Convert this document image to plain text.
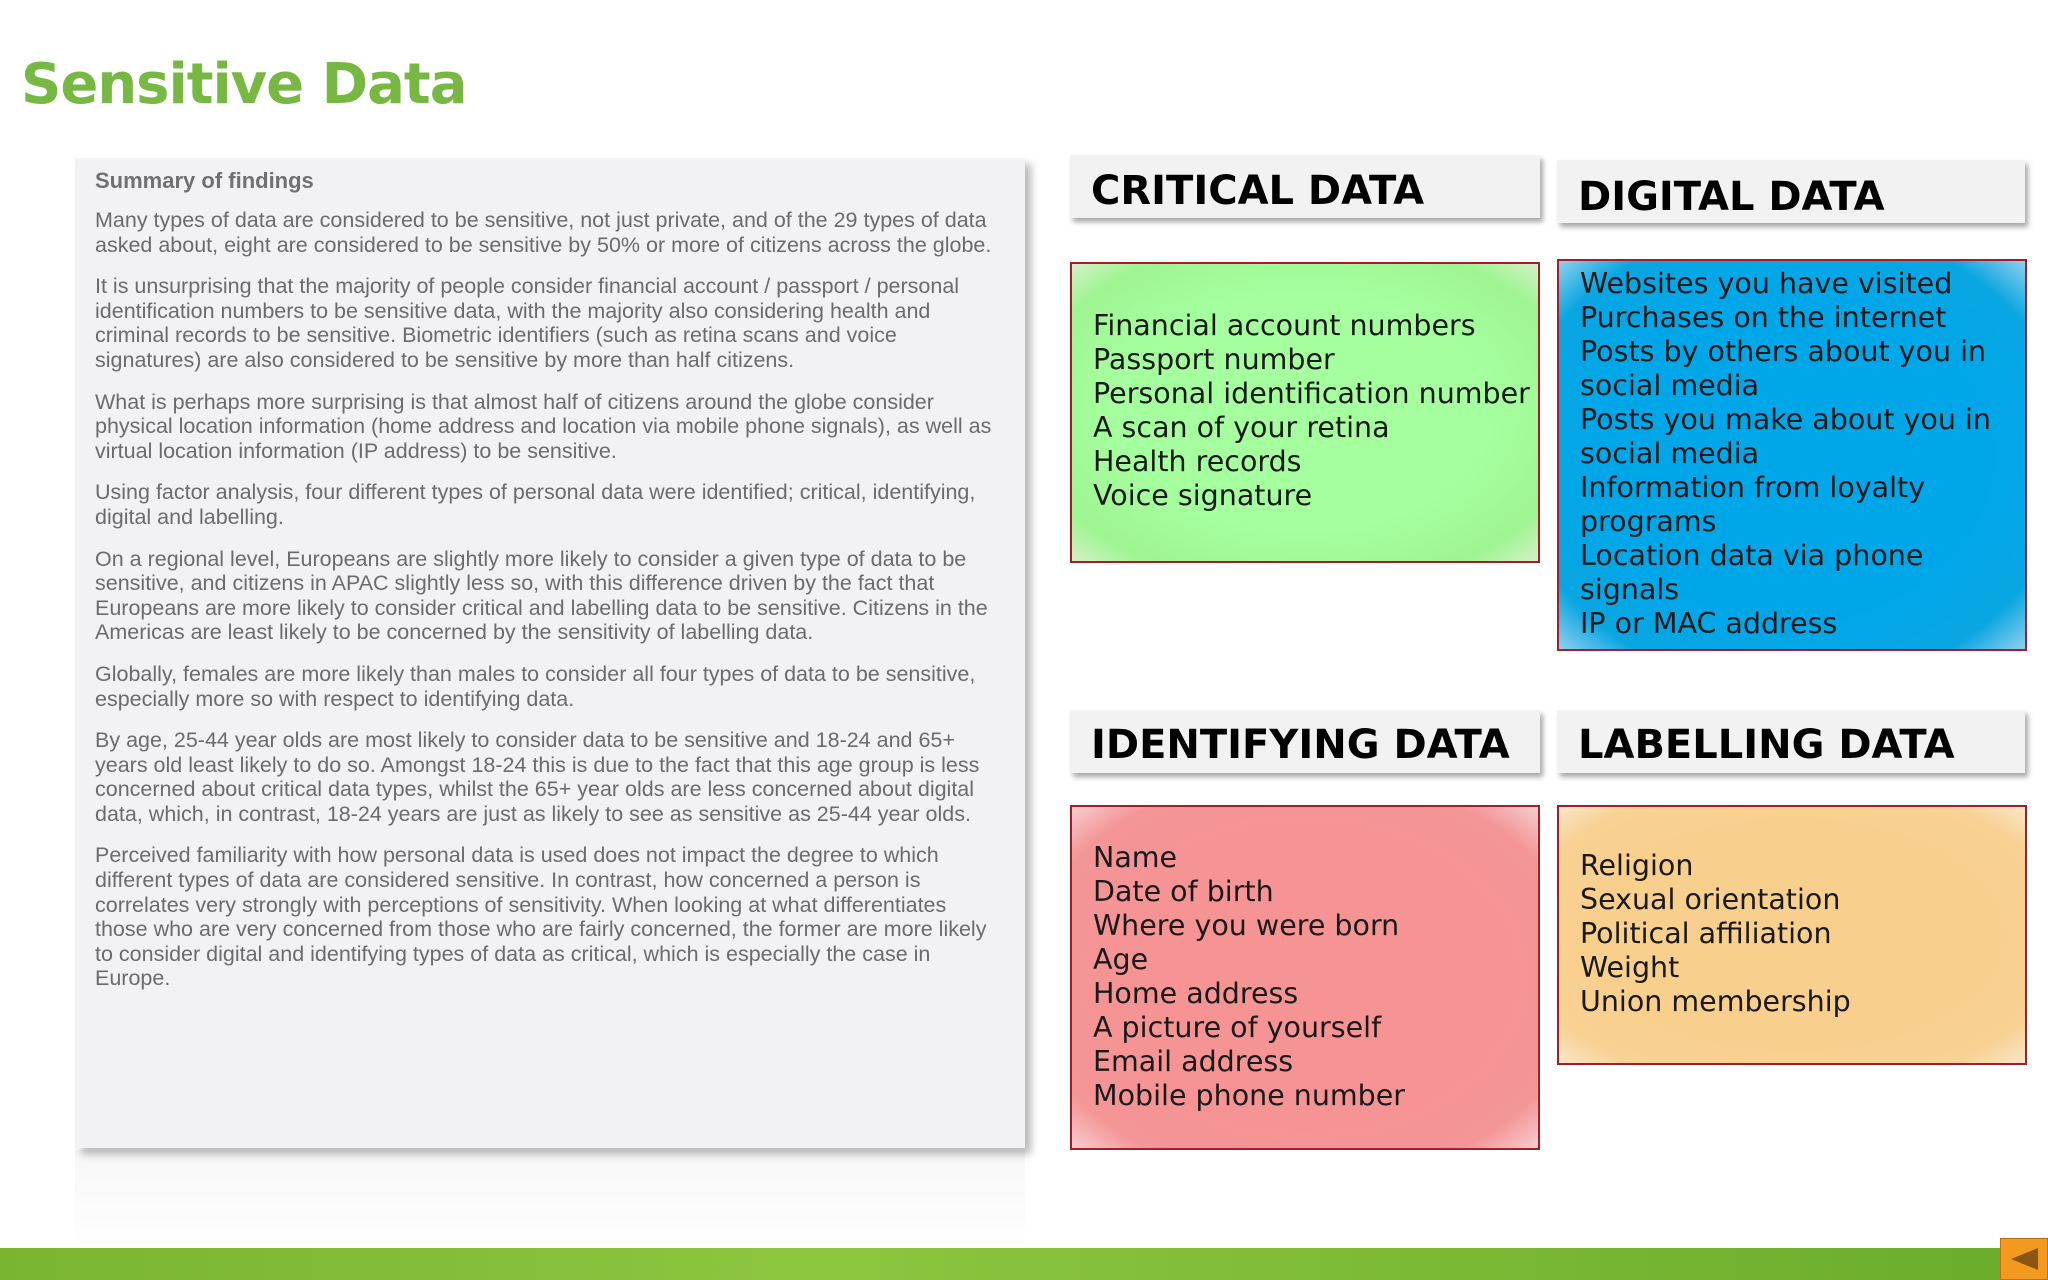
Sensitive Data
Summary of findings

Many types of data are considered to be sensitive, not just private, and of the 29 types of data asked about, eight are considered to be sensitive by 50% or more of citizens across the globe.

It is unsurprising that the majority of people consider financial account / passport / personal identification numbers to be sensitive data, with the majority also considering health and criminal records to be sensitive. Biometric identifiers (such as retina scans and voice signatures) are also considered to be sensitive by more than half citizens.

What is perhaps more surprising is that almost half of citizens around the globe consider physical location information (home address and location via mobile phone signals), as well as virtual location information (IP address) to be sensitive.

Using factor analysis, four different types of personal data were identified; critical, identifying, digital and labelling.

On a regional level, Europeans are slightly more likely to consider a given type of data to be sensitive, and citizens in APAC slightly less so, with this difference driven by the fact that Europeans are more likely to consider critical and labelling data to be sensitive. Citizens in the Americas are least likely to be concerned by the sensitivity of labelling data.

Globally, females are more likely than males to consider all four types of data to be sensitive, especially more so with respect to identifying data.

By age, 25-44 year olds are most likely to consider data to be sensitive and 18-24 and 65+ years old least likely to do so. Amongst 18-24 this is due to the fact that this age group is less concerned about critical data types, whilst the 65+ year olds are less concerned about digital data, which, in contrast, 18-24 years are just as likely to see as sensitive as 25-44 year olds.

Perceived familiarity with how personal data is used does not impact the degree to which different types of data are considered sensitive. In contrast, how concerned a person is correlates very strongly with perceptions of sensitivity. When looking at what differentiates those who are very concerned from those who are fairly concerned, the former are more likely to consider digital and identifying types of data as critical, which is especially the case in Europe.

CRITICAL DATA
Financial account numbers
Passport number
Personal identification number
A scan of your retina
Health records
Voice signature
DIGITAL DATA
Websites you have visited
Purchases on the internet
Posts by others about you in social media
Posts you make about you in social media
Information from loyalty programs
Location data via phone signals
IP or MAC address
IDENTIFYING DATA
Name
Date of birth
Where you were born
Age
Home address
A picture of yourself
Email address
Mobile phone number
LABELLING DATA
Religion
Sexual orientation
Political affiliation
Weight
Union membership
